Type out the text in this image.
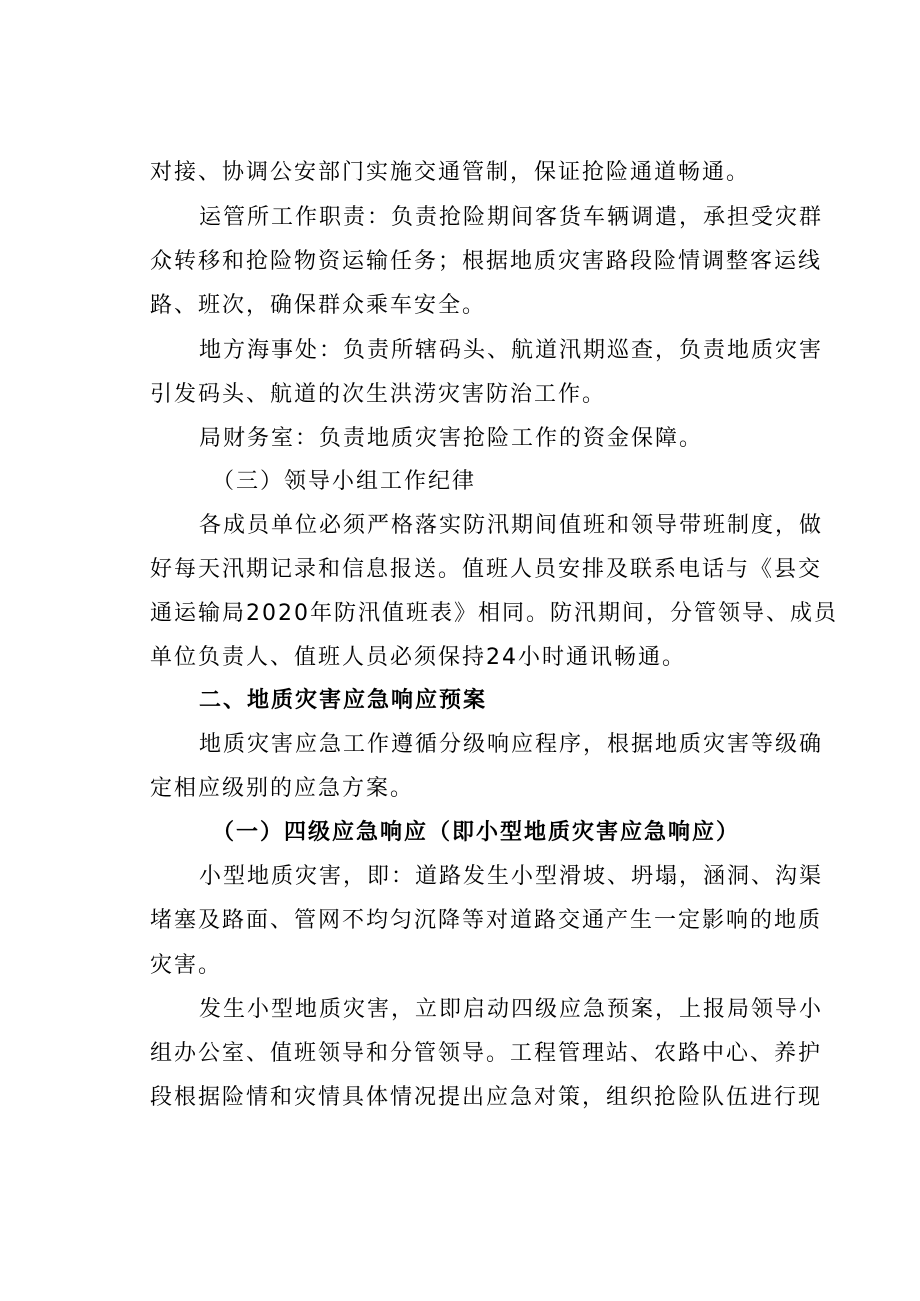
对接、协调公安部门实施交通管制，保证抢险通道畅通。
运管所工作职责：负责抢险期间客货车辆调遣，承担受灾群
众转移和抢险物资运输任务；根据地质灾害路段险情调整客运线
路、班次，确保群众乘车安全。
地方海事处：负责所辖码头、航道汛期巡查，负责地质灾害
引发码头、航道的次生洪涝灾害防治工作。
局财务室：负责地质灾害抢险工作的资金保障。
（三）领导小组工作纪律
各成员单位必须严格落实防汛期间值班和领导带班制度，做
好每天汛期记录和信息报送。值班人员安排及联系电话与《县交
通运输局2020年防汛值班表》相同。防汛期间，分管领导、成员
单位负责人、值班人员必须保持24小时通讯畅通。
二、地质灾害应急响应预案
地质灾害应急工作遵循分级响应程序，根据地质灾害等级确
定相应级别的应急方案。
（一）四级应急响应（即小型地质灾害应急响应）
小型地质灾害，即：道路发生小型滑坡、坍塌，涵洞、沟渠
堵塞及路面、管网不均匀沉降等对道路交通产生一定影响的地质
灾害。
发生小型地质灾害，立即启动四级应急预案，上报局领导小
组办公室、值班领导和分管领导。工程管理站、农路中心、养护
段根据险情和灾情具体情况提出应急对策，组织抢险队伍进行现
